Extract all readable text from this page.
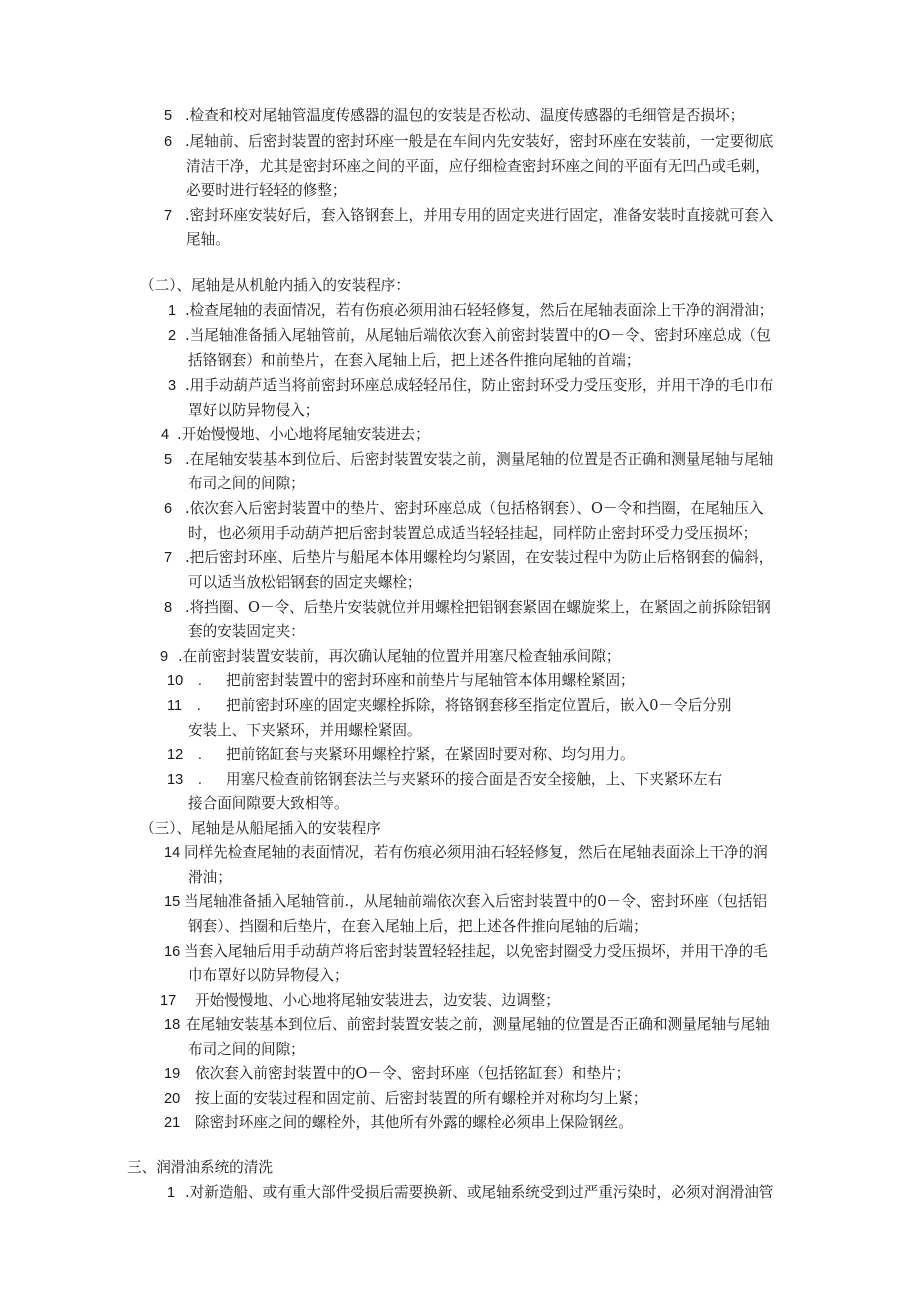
5 .检查和校对尾轴管温度传感器的温包的安装是否松动、温度传感器的毛细管是否损坏；
6 .尾轴前、后密封装置的密封环座一般是在车间内先安装好，密封环座在安装前，一定要彻底
清洁干净，尤其是密封环座之间的平面，应仔细检查密封环座之间的平面有无凹凸或毛刺，
必要时进行轻轻的修整；
7 .密封环座安装好后，套入铬钢套上，并用专用的固定夹进行固定，准备安装时直接就可套入
尾轴。
（二）、尾轴是从机舱内插入的安装程序：
1 .检查尾轴的表面情况，若有伤痕必须用油石轻轻修复，然后在尾轴表面涂上干净的润滑油；
2 .当尾轴准备插入尾轴管前，从尾轴后端依次套入前密封装置中的O－令、密封环座总成（包
括铬钢套）和前垫片，在套入尾轴上后，把上述各件推向尾轴的首端；
3 .用手动葫芦适当将前密封环座总成轻轻吊住，防止密封环受力受压变形，并用干净的毛巾布
罩好以防异物侵入；
4 .开始慢慢地、小心地将尾轴安装进去；
5 .在尾轴安装基本到位后、后密封装置安装之前，测量尾轴的位置是否正确和测量尾轴与尾轴
布司之间的间隙；
6 .依次套入后密封装置中的垫片、密封环座总成（包括格钢套）、O－令和挡圈，在尾轴压入
时，也必须用手动葫芦把后密封装置总成适当轻轻挂起，同样防止密封环受力受压损坏；
7 .把后密封环座、后垫片与船尾本体用螺栓均匀紧固，在安装过程中为防止后格钢套的偏斜，
可以适当放松铝钢套的固定夹螺栓；
8 .将挡圈、O－令、后垫片安装就位并用螺栓把铝钢套紧固在螺旋桨上，在紧固之前拆除铝钢
套的安装固定夹：
9 .在前密封装置安装前，再次确认尾轴的位置并用塞尺检查轴承间隙；
10　. 把前密封装置中的密封环座和前垫片与尾轴管本体用螺栓紧固；
11　. 把前密封环座的固定夹螺栓拆除，将铬钢套移至指定位置后，嵌入0－令后分别
安装上、下夹紧环，并用螺栓紧固。
12　. 把前铭缸套与夹紧环用螺栓拧紧，在紧固时要对称、均匀用力。
13　. 用塞尺检查前铭钢套法兰与夹紧环的接合面是否安全接触，上、下夹紧环左右
接合面间隙要大致相等。
（三）、尾轴是从船尾插入的安装程序
14 同样先检查尾轴的表面情况，若有伤痕必须用油石轻轻修复，然后在尾轴表面涂上干净的润
滑油；
15 当尾轴准备插入尾轴管前.，从尾轴前端依次套入后密封装置中的0－令、密封环座（包括铝
钢套）、挡圈和后垫片，在套入尾轴上后，把上述各件推向尾轴的后端；
16 当套入尾轴后用手动葫芦将后密封装置轻轻挂起，以免密封圈受力受压损坏，并用干净的毛
巾布罩好以防异物侵入；
17 开始慢慢地、小心地将尾轴安装进去，边安装、边调整；
18 在尾轴安装基本到位后、前密封装置安装之前，测量尾轴的位置是否正确和测量尾轴与尾轴
布司之间的间隙；
19 依次套入前密封装置中的O－令、密封环座（包括铭缸套）和垫片；
20 按上面的安装过程和固定前、后密封装置的所有螺栓并对称均匀上紧；
21 除密封环座之间的螺栓外，其他所有外露的螺栓必须串上保险钢丝。
三、润滑油系统的清洗
1 .对新造船、或有重大部件受损后需要换新、或尾轴系统受到过严重污染时，必须对润滑油管
